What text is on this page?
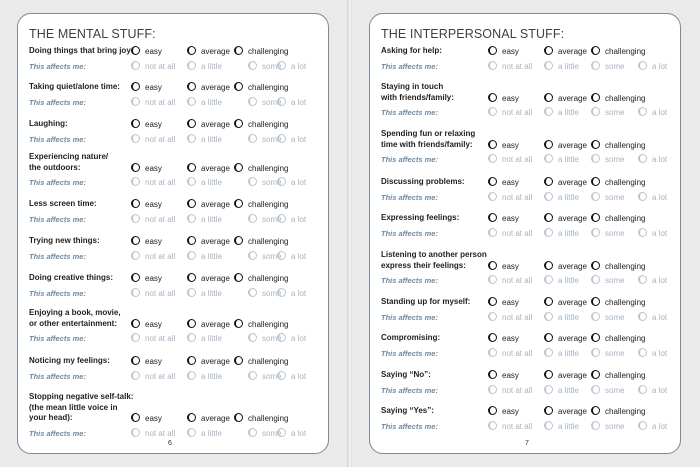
THE MENTAL STUFF:
6
Doing things that bring joy:	easy	average	challenging
This affects me:	not at all	a little	some	a lot
Taking quiet/alone time:	easy	average	challenging
This affects me:	not at all	a little	some	a lot
Laughing:	easy	average	challenging
This affects me:	not at all	a little	some	a lot
Experiencing nature/
the outdoors:	easy	average	challenging
This affects me:	not at all	a little	some	a lot
Less screen time:	easy	average	challenging
This affects me:	not at all	a little	some	a lot
Trying new things:	easy	average	challenging
This affects me:	not at all	a little	some	a lot
Doing creative things:	easy	average	challenging
This affects me:	not at all	a little	some	a lot
Enjoying a book, movie,
or other entertainment:	easy	average	challenging
This affects me:	not at all	a little	some	a lot
Noticing my feelings:	easy	average	challenging
This affects me:	not at all	a little	some	a lot
Stopping negative self-talk:
(the mean little voice in
your head):	easy	average	challenging
This affects me:	not at all	a little	some	a lot
THE INTERPERSONAL STUFF:
7
Asking for help:	easy	average	challenging
This affects me:	not at all	a little	some	a lot
Staying in touch
with friends/family:	easy	average	challenging
This affects me:	not at all	a little	some	a lot
Spending fun or relaxing
time with friends/family:	easy	average	challenging
This affects me:	not at all	a little	some	a lot
Discussing problems:	easy	average	challenging
This affects me:	not at all	a little	some	a lot
Expressing feelings:	easy	average	challenging
This affects me:	not at all	a little	some	a lot
Listening to another person
express their feelings:	easy	average	challenging
This affects me:	not at all	a little	some	a lot
Standing up for myself:	easy	average	challenging
This affects me:	not at all	a little	some	a lot
Compromising:	easy	average	challenging
This affects me:	not at all	a little	some	a lot
Saying “No”:	easy	average	challenging
This affects me:	not at all	a little	some	a lot
Saying “Yes”:	easy	average	challenging
This affects me:	not at all	a little	some	a lot
